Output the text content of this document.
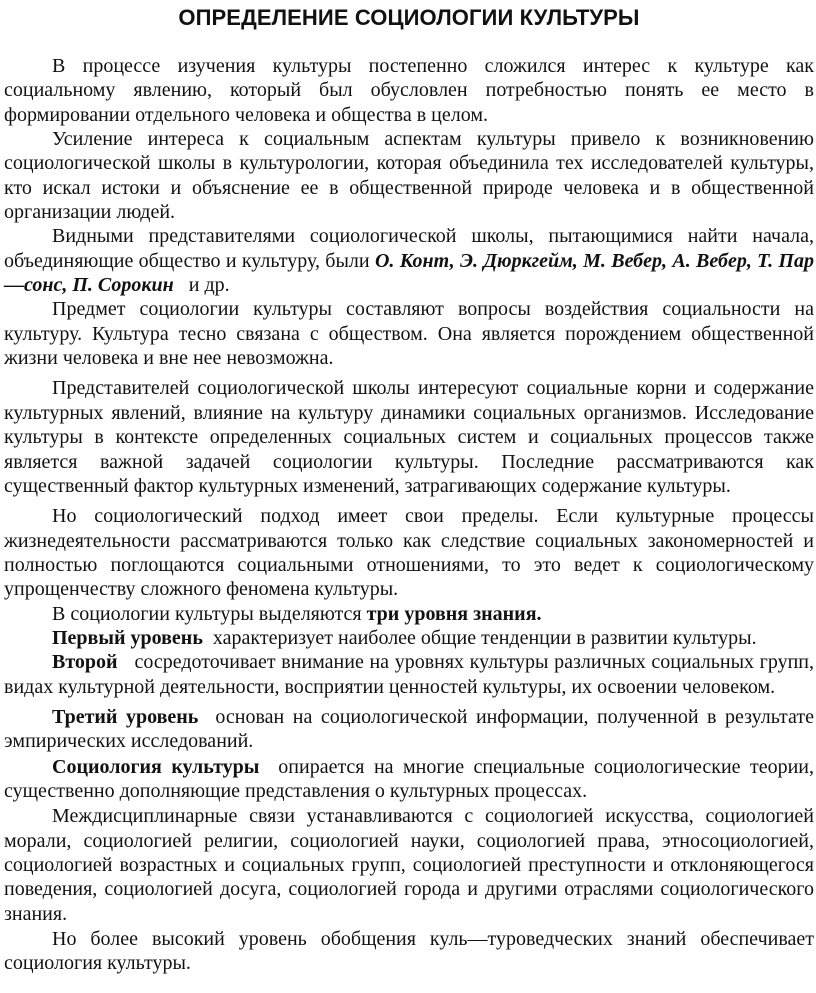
ОПРЕДЕЛЕНИЕ СОЦИОЛОГИИ КУЛЬТУРЫ

В процессе изучения культуры постепенно сложился интерес к культуре как социальному явлению, который был обусловлен потребностью понять ее место в формировании отдельного человека и общества в целом.

Усиление интереса к социальным аспектам культуры привело к возникновению социологической школы в культурологии, которая объединила тех исследователей культуры, кто искал истоки и объяснение ее в общественной природе человека и в общественной организации людей.

Видными представителями социологической школы, пытающимися найти начала, объединяющие общество и культуру, были О. Конт, Э. Дюркгейм, М. Вебер, А. Вебер, Т. Пар—сонс, П. Сорокин и др.

Предмет социологии культуры составляют вопросы воздействия социальности на культуру. Культура тесно связана с обществом. Она является порождением общественной жизни человека и вне нее невозможна.

Представителей социологической школы интересуют социальные корни и содержание культурных явлений, влияние на культуру динамики социальных организмов. Исследование культуры в контексте определенных социальных систем и социальных процессов также является важной задачей социологии культуры. Последние рассматриваются как существенный фактор культурных изменений, затрагивающих содержание культуры.

Но социологический подход имеет свои пределы. Если культурные процессы жизнедеятельности рассматриваются только как следствие социальных закономерностей и полностью поглощаются социальными отношениями, то это ведет к социологическому упрощенчеству сложного феномена культуры.

В социологии культуры выделяются три уровня знания.

Первый уровень характеризует наиболее общие тенденции в развитии культуры.

Второй сосредоточивает внимание на уровнях культуры различных социальных групп, видах культурной деятельности, восприятии ценностей культуры, их освоении человеком.

Третий уровень основан на социологической информации, полученной в результате эмпирических исследований.

Социология культуры опирается на многие специальные социологические теории, существенно дополняющие представления о культурных процессах.

Междисциплинарные связи устанавливаются с социологией искусства, социологией морали, социологией религии, социологией науки, социологией права, этносоциологией, социологией возрастных и социальных групп, социологией преступности и отклоняющегося поведения, социологией досуга, социологией города и другими отраслями социологического знания.

Но более высокий уровень обобщения куль—туроведческих знаний обеспечивает социология культуры.
